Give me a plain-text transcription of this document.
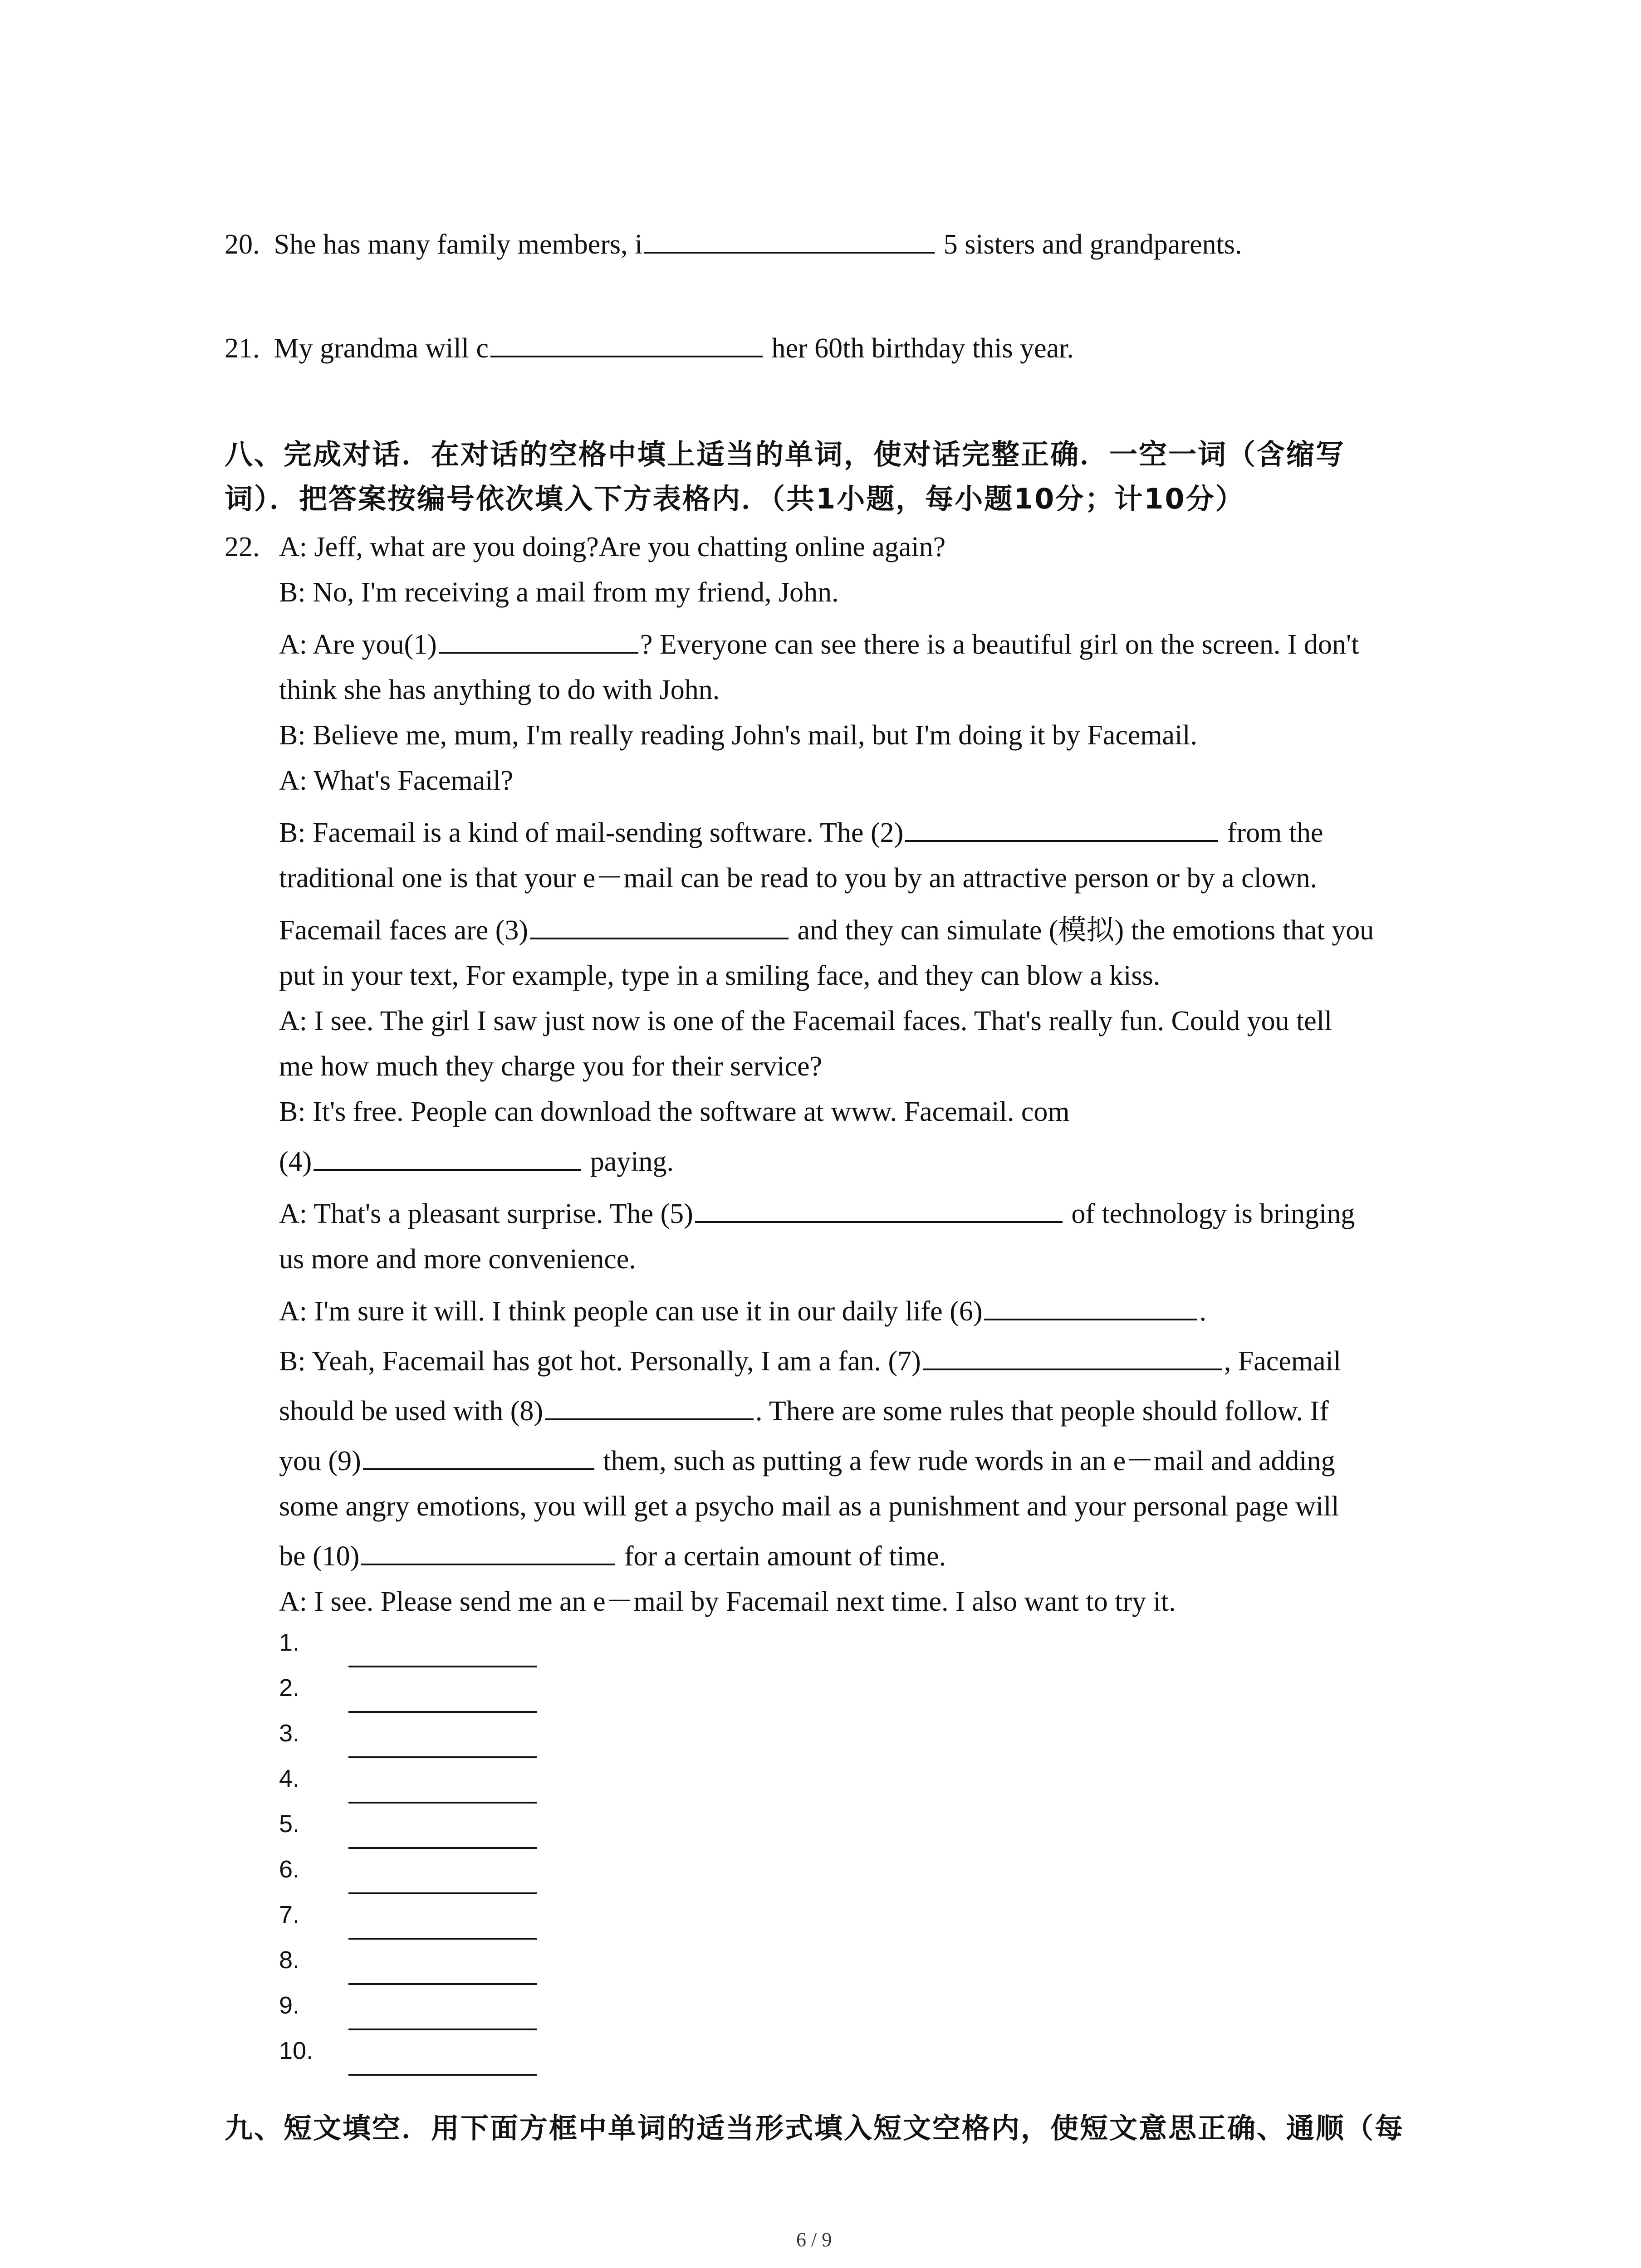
20. She has many family members, i	5 sisters and grandparents.
21. My grandma will c	her 60th birthday this year.
八、完成对话．在对话的空格中填上适当的单词，使对话完整正确．一空一词（含缩写
词）．把答案按编号依次填入下方表格内．（共1小题，每小题10分；计10分）
22. A: Jeff, what are you doing?Are you chatting online again?
B: No, I'm receiving a mail from my friend, John.
A: Are you(1)	? Everyone can see there is a beautiful girl on the screen. I don't
think she has anything to do with John.
B: Believe me, mum, I'm really reading John's mail, but I'm doing it by Facemail.
A: What's Facemail?
B: Facemail is a kind of mail-sending software. The (2)	from the
traditional one is that your e－mail can be read to you by an attractive person or by a clown.
Facemail faces are (3)	and they can simulate (模拟) the emotions that you
put in your text, For example, type in a smiling face, and they can blow a kiss.
A: I see. The girl I saw just now is one of the Facemail faces. That's really fun. Could you tell
me how much they charge you for their service?
B: It's free. People can download the software at www. Facemail. com
(4)	paying.
A: That's a pleasant surprise. The (5)	of technology is bringing
us more and more convenience.
A: I'm sure it will. I think people can use it in our daily life (6)	.
B: Yeah, Facemail has got hot. Personally, I am a fan. (7)	, Facemail
should be used with (8)	. There are some rules that people should follow. If
you (9)	them, such as putting a few rude words in an e－mail and adding
some angry emotions, you will get a psycho mail as a punishment and your personal page will
be (10)	for a certain amount of time.
A: I see. Please send me an e－mail by Facemail next time. I also want to try it.
1.
2.
3.
4.
5.
6.
7.
8.
9.
10.
九、短文填空．用下面方框中单词的适当形式填入短文空格内，使短文意思正确、通顺（每
6 / 9
